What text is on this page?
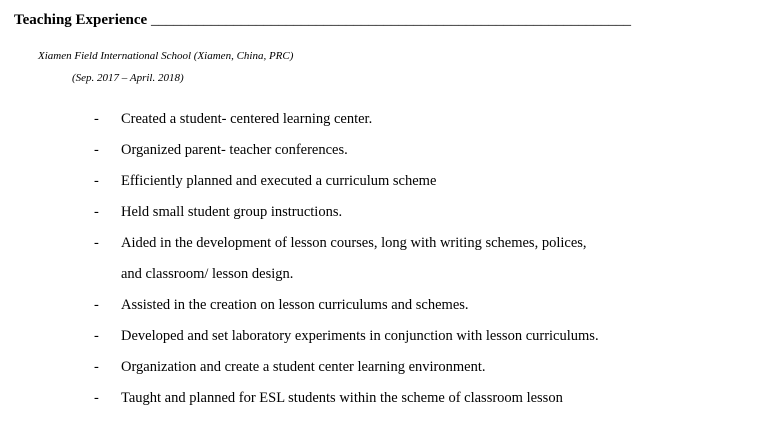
Teaching Experience ________________________________________________________________
Xiamen Field International School (Xiamen, China, PRC)
(Sep. 2017 – April. 2018)
- Created a student- centered learning center.
- Organized parent- teacher conferences.
- Efficiently planned and executed a curriculum scheme
- Held small student group instructions.
- Aided in the development of lesson courses, long with writing schemes, polices,
and classroom/ lesson design.
- Assisted in the creation on lesson curriculums and schemes.
- Developed and set laboratory experiments in conjunction with lesson curriculums.
- Organization and create a student center learning environment.
- Taught and planned for ESL students within the scheme of classroom lesson
